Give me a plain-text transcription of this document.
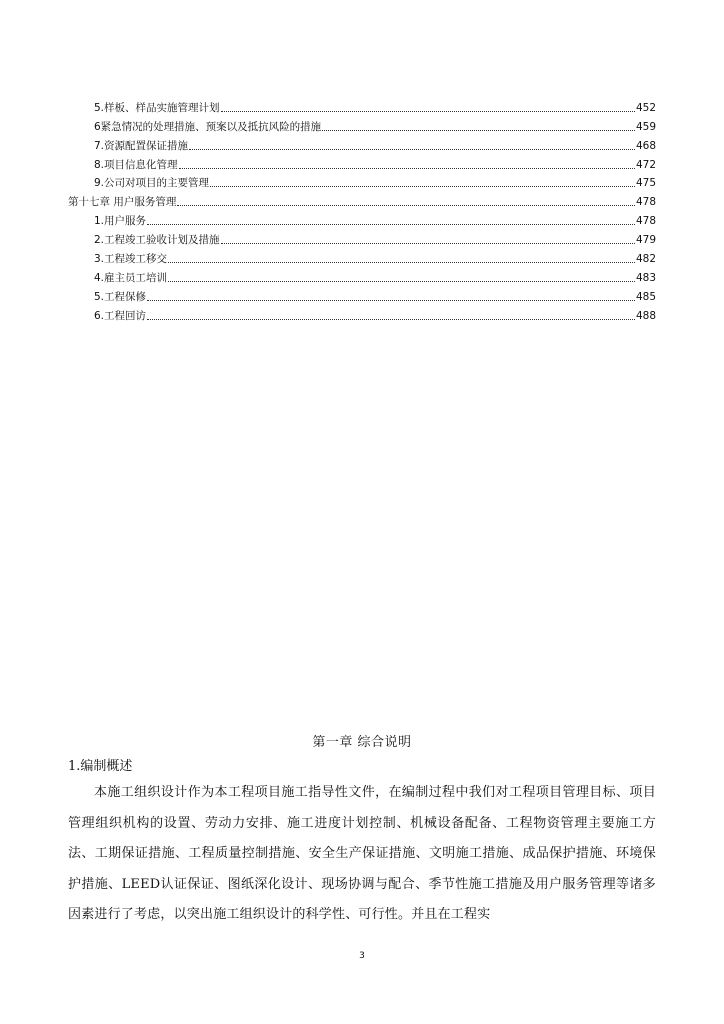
5.样板、样品实施管理计划	452
6紧急情况的处理措施、预案以及抵抗风险的措施	459
7.资源配置保证措施	468
8.项目信息化管理	472
9.公司对项目的主要管理	475
第十七章 用户服务管理	478
1.用户服务	478
2.工程竣工验收计划及措施	479
3.工程竣工移交	482
4.雇主员工培训	483
5.工程保修	485
6.工程回访	488
第一章 综合说明
1.编制概述

本施工组织设计作为本工程项目施工指导性文件，在编制过程中我们对工程项目管理目标、项目管理组织机构的设置、劳动力安排、施工进度计划控制、机械设备配备、工程物资管理主要施工方法、工期保证措施、工程质量控制措施、安全生产保证措施、文明施工措施、成品保护措施、环境保护措施、LEED认证保证、图纸深化设计、现场协调与配合、季节性施工措施及用户服务管理等诸多因素进行了考虑，以突出施工组织设计的科学性、可行性。并且在工程实

3
